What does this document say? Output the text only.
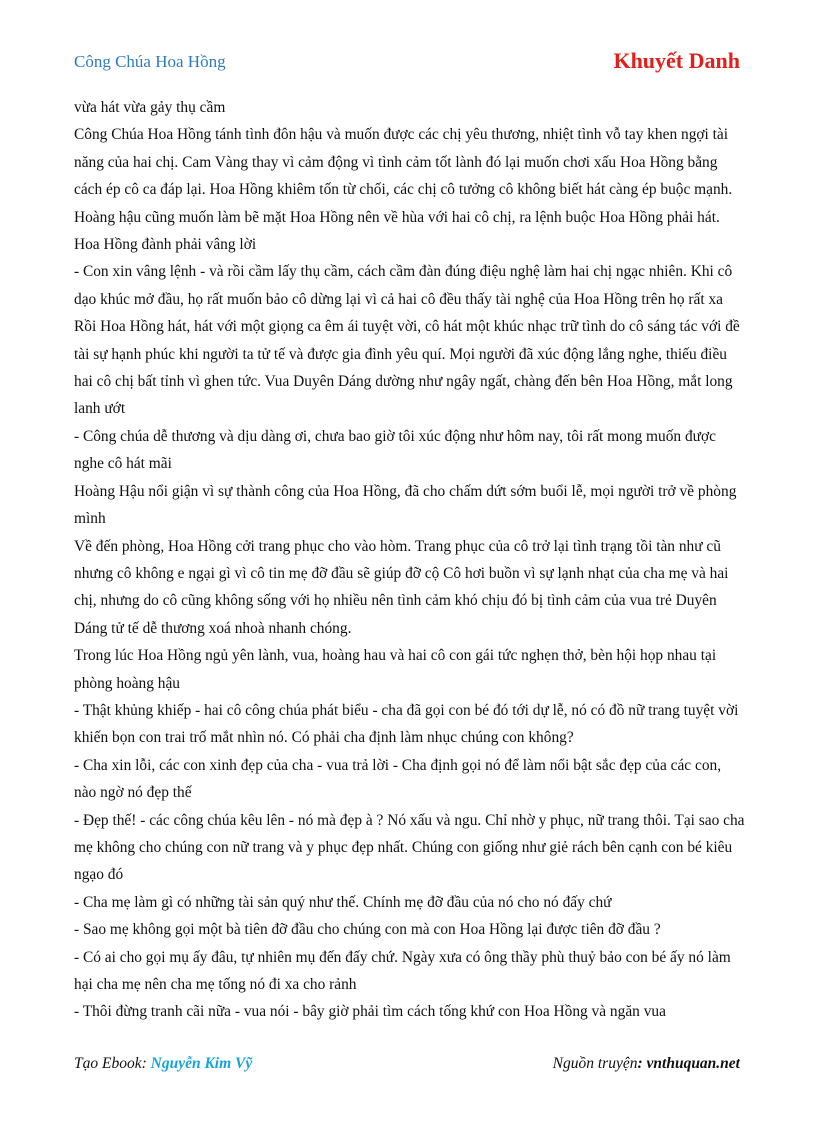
Công Chúa Hoa Hồng	Khuyết Danh

vừa hát vừa gảy thụ cầm

Công Chúa Hoa Hồng tánh tình đôn hậu và muốn được các chị yêu thương, nhiệt tình vỗ tay khen ngợi tài năng của hai chị. Cam Vàng thay vì cảm động vì tình cảm tốt lành đó lại muốn chơi xấu Hoa Hồng bằng cách ép cô ca đáp lại. Hoa Hồng khiêm tốn từ chối, các chị cô tưởng cô không biết hát càng ép buộc mạnh. Hoàng hậu cũng muốn làm bẽ mặt Hoa Hồng nên về hùa với hai cô chị, ra lệnh buộc Hoa Hồng phải hát. Hoa Hồng đành phải vâng lời

- Con xin vâng lệnh - và rồi cầm lấy thụ cầm, cách cầm đàn đúng điệu nghệ làm hai chị ngạc nhiên. Khi cô dạo khúc mở đầu, họ rất muốn bảo cô dừng lại vì cả hai cô đều thấy tài nghệ của Hoa Hồng trên họ rất xa Rồi Hoa Hồng hát, hát với một giọng ca êm ái tuyệt vời, cô hát một khúc nhạc trữ tình do cô sáng tác với đề tài sự hạnh phúc khi người ta tử tế và được gia đình yêu quí. Mọi người đã xúc động lắng nghe, thiếu điều hai cô chị bất tỉnh vì ghen tức. Vua Duyên Dáng dường như ngây ngất, chàng đến bên Hoa Hồng, mắt long lanh ướt

- Công chúa dễ thương và dịu dàng ơi, chưa bao giờ tôi xúc động như hôm nay, tôi rất mong muốn được nghe cô hát mãi

Hoàng Hậu nổi giận vì sự thành công của Hoa Hồng, đã cho chấm dứt sớm buổi lễ, mọi người trở về phòng mình

Về đến phòng, Hoa Hồng cởi trang phục cho vào hòm. Trang phục của cô trở lại tình trạng tồi tàn như cũ nhưng cô không e ngại gì vì cô tin mẹ đỡ đầu sẽ giúp đỡ cộ Cô hơi buồn vì sự lạnh nhạt của cha mẹ và hai chị, nhưng do cô cũng không sống với họ nhiều nên tình cảm khó chịu đó bị tình cảm của vua trẻ Duyên Dáng tử tế dễ thương xoá nhoà nhanh chóng.

Trong lúc Hoa Hồng ngủ yên lành, vua, hoàng hau và hai cô con gái tức nghẹn thở, bèn hội họp nhau tại phòng hoàng hậu

- Thật khủng khiếp - hai cô công chúa phát biểu - cha đã gọi con bé đó tới dự lễ, nó có đồ nữ trang tuyệt vời khiến bọn con trai trố mắt nhìn nó. Có phải cha định làm nhục chúng con không?

- Cha xin lỗi, các con xinh đẹp của cha - vua trả lời - Cha định gọi nó để làm nổi bật sắc đẹp của các con, nào ngờ nó đẹp thế

- Đẹp thế! - các công chúa kêu lên - nó mà đẹp à ? Nó xấu và ngu. Chỉ nhờ y phục, nữ trang thôi. Tại sao cha mẹ không cho chúng con nữ trang và y phục đẹp nhất. Chúng con giống như giẻ rách bên cạnh con bé kiêu ngạo đó

- Cha mẹ làm gì có những tài sản quý như thế. Chính mẹ đỡ đầu của nó cho nó đấy chứ

- Sao mẹ không gọi một bà tiên đỡ đầu cho chúng con mà con Hoa Hồng lại được tiên đỡ đầu ?

- Có ai cho gọi mụ ấy đâu, tự nhiên mụ đến đấy chứ. Ngày xưa có ông thầy phù thuỷ bảo con bé ấy nó làm hại cha mẹ nên cha mẹ tống nó đi xa cho rảnh

- Thôi đừng tranh cãi nữa - vua nói - bây giờ phải tìm cách tống khứ con Hoa Hồng và ngăn vua

Tạo Ebook: Nguyễn Kim Vỹ	Nguồn truyện: vnthuquan.net
